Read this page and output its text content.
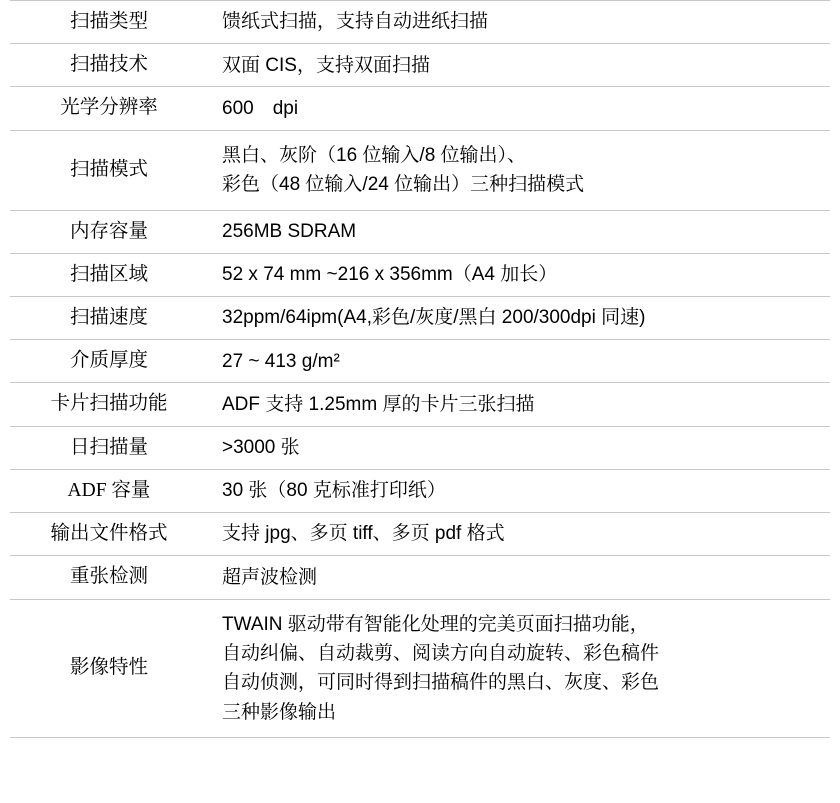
扫描类型	馈纸式扫描，支持自动进纸扫描

扫描技术	双面 CIS，支持双面扫描

光学分辨率	600　dpi

扫描模式	黑白、灰阶（16 位输入/8 位输出）、
彩色（48 位输入/24 位输出）三种扫描模式

内存容量	256MB SDRAM

扫描区域	52 x 74 mm ~216 x 356mm（A4 加长）

扫描速度	32ppm/64ipm(A4,彩色/灰度/黑白 200/300dpi 同速)

介质厚度	27 ~ 413 g/m²

卡片扫描功能	ADF 支持 1.25mm 厚的卡片三张扫描

日扫描量	>3000 张

ADF 容量	30 张（80 克标准打印纸）

输出文件格式	支持 jpg、多页 tiff、多页 pdf 格式

重张检测	超声波检测

影像特性	TWAIN 驱动带有智能化处理的完美页面扫描功能，
自动纠偏、自动裁剪、阅读方向自动旋转、彩色稿件
自动侦测，可同时得到扫描稿件的黑白、灰度、彩色
三种影像输出
